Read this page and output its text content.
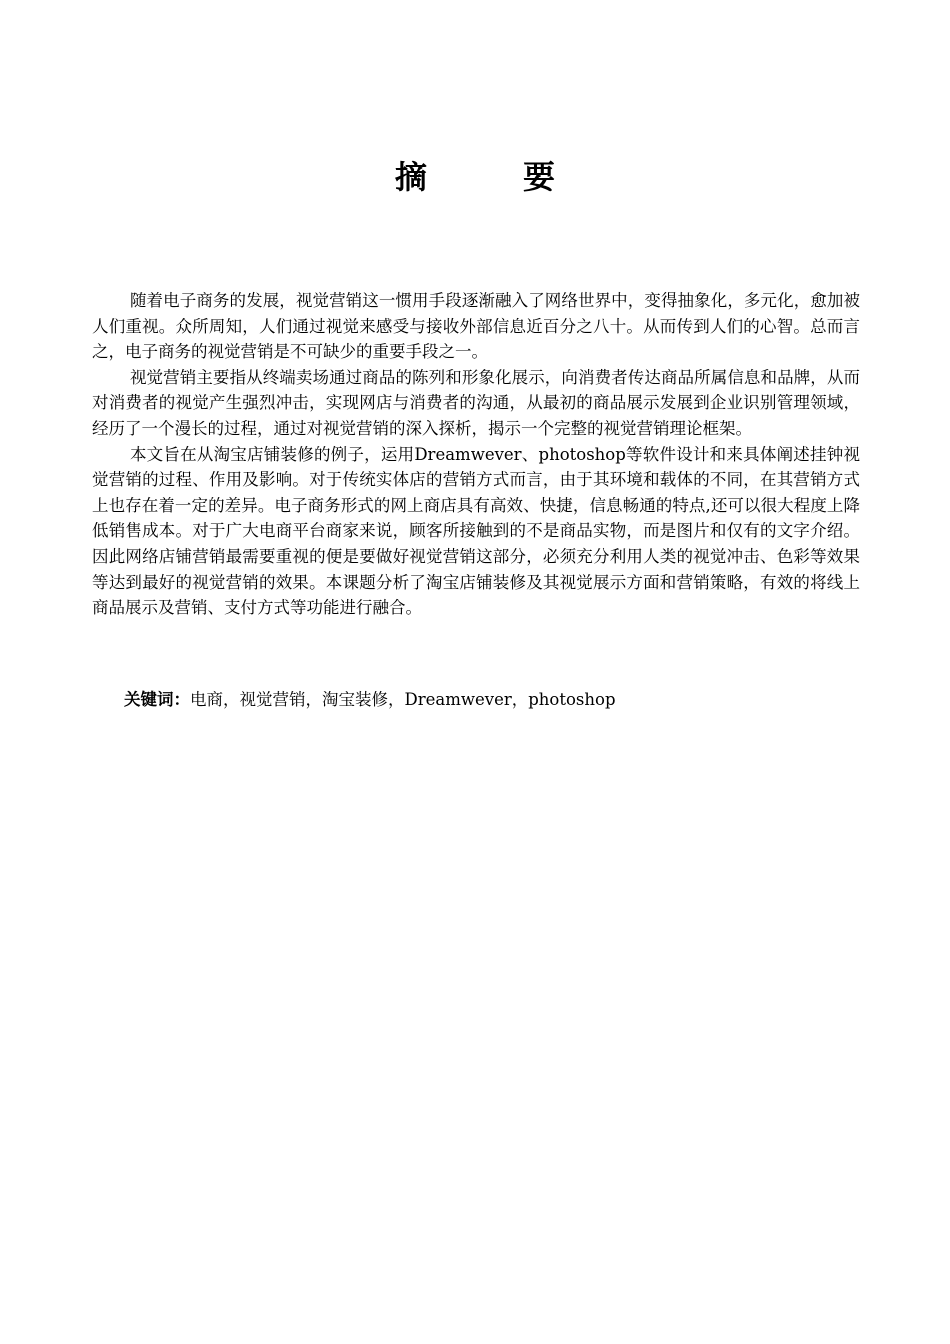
摘	要

随着电子商务的发展，视觉营销这一惯用手段逐渐融入了网络世界中，变得抽象化，多元化，愈加被人们重视。众所周知，人们通过视觉来感受与接收外部信息近百分之八十。从而传到人们的心智。总而言之，电子商务的视觉营销是不可缺少的重要手段之一。

视觉营销主要指从终端卖场通过商品的陈列和形象化展示，向消费者传达商品所属信息和品牌，从而对消费者的视觉产生强烈冲击，实现网店与消费者的沟通，从最初的商品展示发展到企业识别管理领域，经历了一个漫长的过程，通过对视觉营销的深入探析，揭示一个完整的视觉营销理论框架。

本文旨在从淘宝店铺装修的例子，运用Dreamwever、photoshop等软件设计和来具体阐述挂钟视觉营销的过程、作用及影响。对于传统实体店的营销方式而言，由于其环境和载体的不同，在其营销方式上也存在着一定的差异。电子商务形式的网上商店具有高效、快捷，信息畅通的特点,还可以很大程度上降低销售成本。对于广大电商平台商家来说，顾客所接触到的不是商品实物，而是图片和仅有的文字介绍。因此网络店铺营销最需要重视的便是要做好视觉营销这部分，必须充分利用人类的视觉冲击、色彩等效果等达到最好的视觉营销的效果。本课题分析了淘宝店铺装修及其视觉展示方面和营销策略，有效的将线上商品展示及营销、支付方式等功能进行融合。

关键词：电商，视觉营销，淘宝装修，Dreamwever，photoshop
